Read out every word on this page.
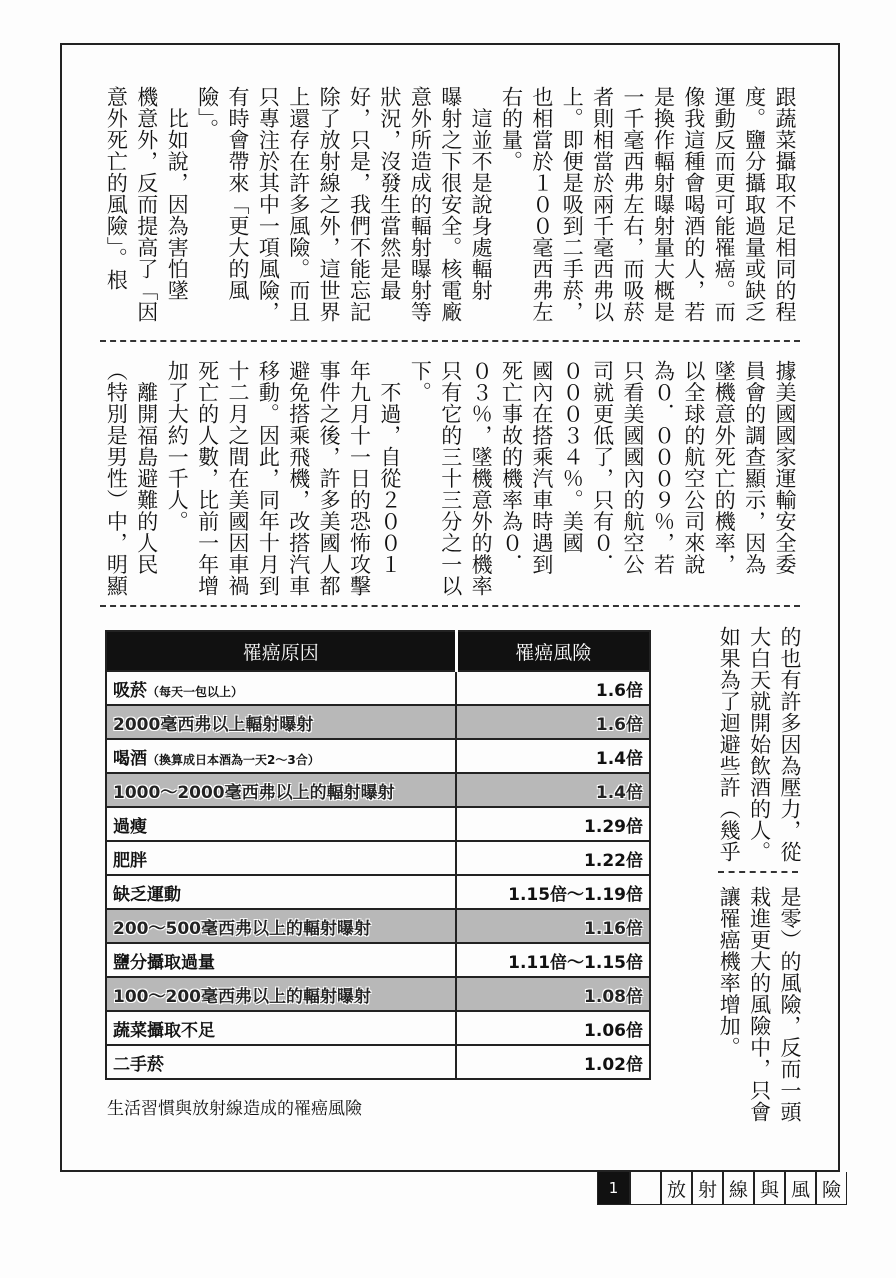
跟蔬菜攝取不足相同的程
度。鹽分攝取過量或缺乏
運動反而更可能罹癌。而
像我這種會喝酒的人，若
是換作輻射曝射量大概是
一千毫西弗左右，而吸菸
者則相當於兩千毫西弗以
上。即便是吸到二手菸，
也相當於１００毫西弗左
右的量。
　這並不是說身處輻射
曝射之下很安全。核電廠
意外所造成的輻射曝射等
狀況，沒發生當然是最
好，只是，我們不能忘記
除了放射線之外，這世界
上還存在許多風險。而且
只專注於其中一項風險，
有時會帶來「更大的風
險」。
　比如說，因為害怕墜
機意外，反而提高了「因
意外死亡的風險」。根
據美國國家運輸安全委
員會的調查顯示，因為
墜機意外死亡的機率，
以全球的航空公司來說
為０．０００９％，若
只看美國國內的航空公
司就更低了，只有０．
０００３４％。美國
國內在搭乘汽車時遇到
死亡事故的機率為０．
０３％，墜機意外的機率
只有它的三十三分之一以
下。
　不過，自從２００１
年九月十一日的恐怖攻擊
事件之後，許多美國人都
避免搭乘飛機，改搭汽車
移動。因此，同年十月到
十二月之間在美國因車禍
死亡的人數，比前一年增
加了大約一千人。
　離開福島避難的人民
（特別是男性）中，明顯
的也有許多因為壓力，從
大白天就開始飲酒的人。
如果為了迴避些許（幾乎
是零）的風險，反而一頭
栽進更大的風險中，只會
讓罹癌機率增加。
罹癌原因	罹癌風險
吸菸（每天一包以上）	1.6倍
2000毫西弗以上輻射曝射	1.6倍
喝酒（換算成日本酒為一天2～3合）	1.4倍
1000～2000毫西弗以上的輻射曝射	1.4倍
過瘦	1.29倍
肥胖	1.22倍
缺乏運動	1.15倍～1.19倍
200～500毫西弗以上的輻射曝射	1.16倍
鹽分攝取過量	1.11倍～1.15倍
100～200毫西弗以上的輻射曝射	1.08倍
蔬菜攝取不足	1.06倍
二手菸	1.02倍
生活習慣與放射線造成的罹癌風險
1	放 射 線 與 風 險
